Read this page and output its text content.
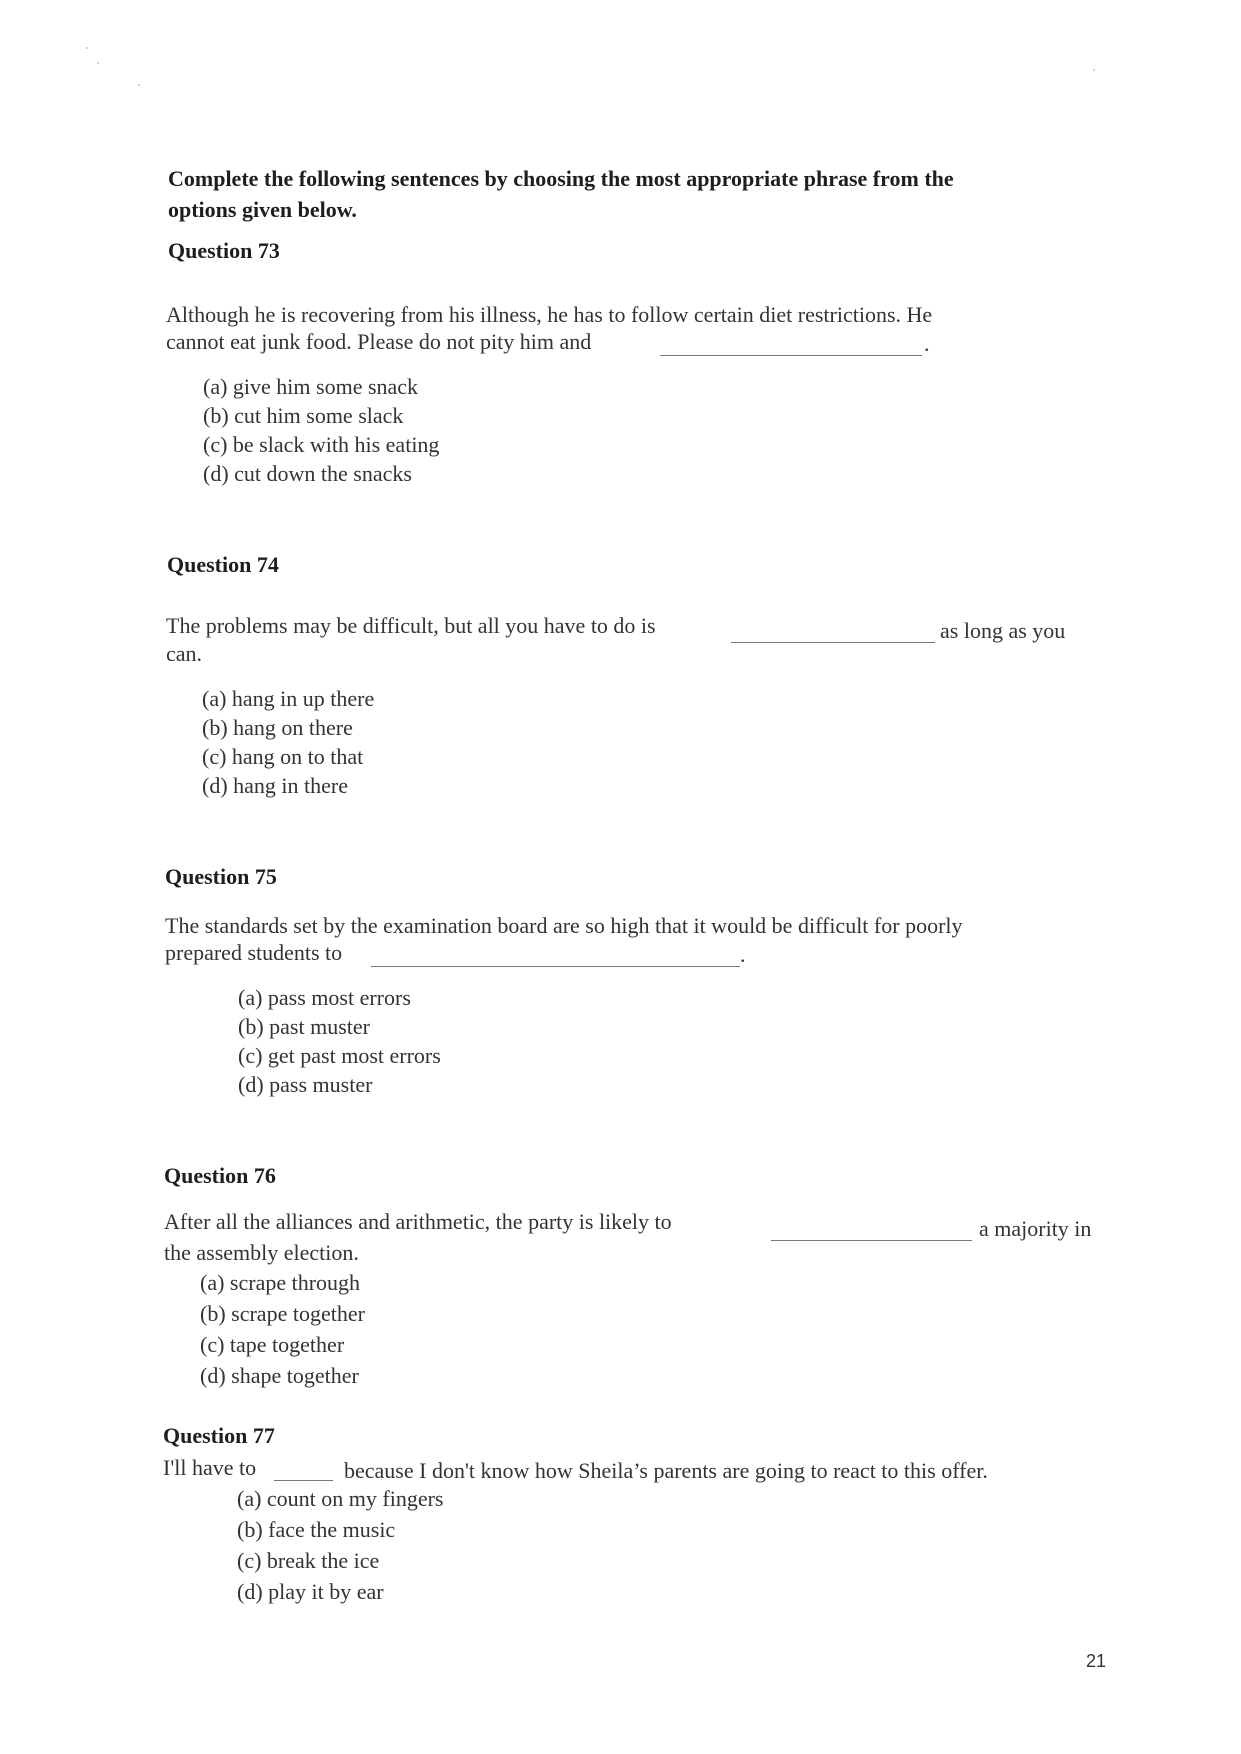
Complete the following sentences by choosing the most appropriate phrase from the
options given below.
Question 73
Although he is recovering from his illness, he has to follow certain diet restrictions. He
cannot eat junk food. Please do not pity him and	.
(a) give him some snack
(b) cut him some slack
(c) be slack with his eating
(d) cut down the snacks
Question 74
The problems may be difficult, but all you have to do is	as long as you
can.
(a) hang in up there
(b) hang on there
(c) hang on to that
(d) hang in there
Question 75
The standards set by the examination board are so high that it would be difficult for poorly
prepared students to	.
(a) pass most errors
(b) past muster
(c) get past most errors
(d) pass muster
Question 76
After all the alliances and arithmetic, the party is likely to	a majority in
the assembly election.
(a) scrape through
(b) scrape together
(c) tape together
(d) shape together
Question 77
I'll have to	because I don't know how Sheila’s parents are going to react to this offer.
(a) count on my fingers
(b) face the music
(c) break the ice
(d) play it by ear
21
